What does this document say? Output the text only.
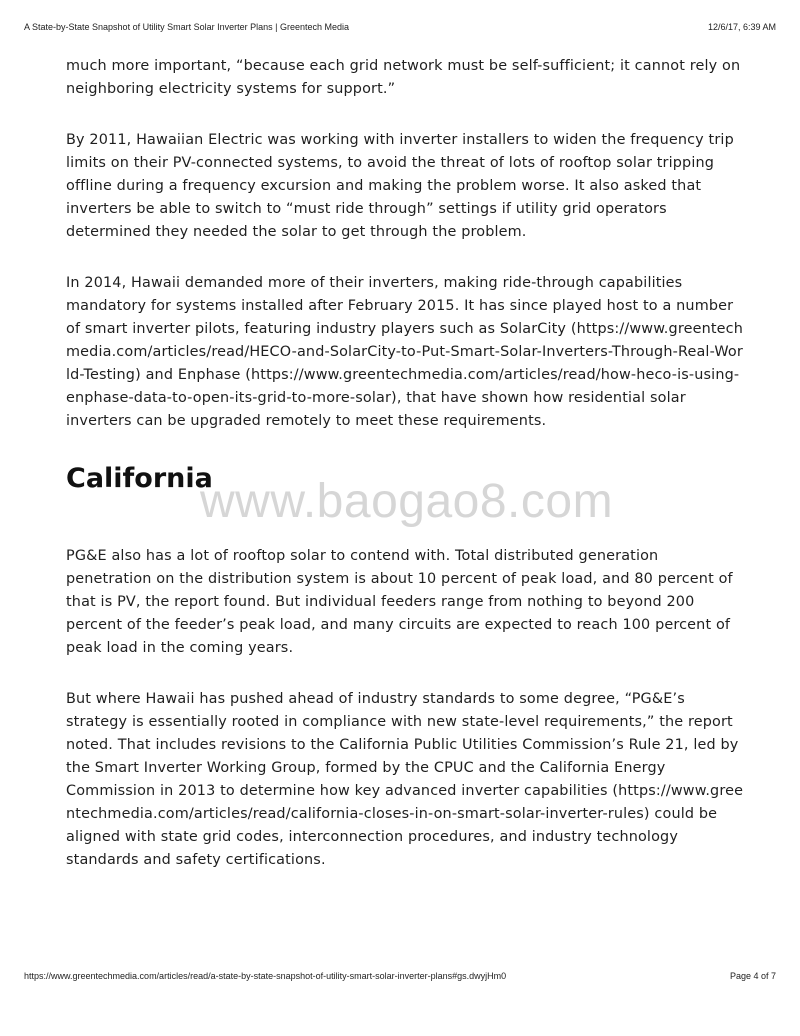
A State-by-State Snapshot of Utility Smart Solar Inverter Plans | Greentech Media	12/6/17, 6:39 AM

much more important, “because each grid network must be self-sufficient; it cannot rely on neighboring electricity systems for support.”

By 2011, Hawaiian Electric was working with inverter installers to widen the frequency trip limits on their PV-connected systems, to avoid the threat of lots of rooftop solar tripping offline during a frequency excursion and making the problem worse. It also asked that inverters be able to switch to “must ride through” settings if utility grid operators determined they needed the solar to get through the problem.

In 2014, Hawaii demanded more of their inverters, making ride-through capabilities mandatory for systems installed after February 2015. It has since played host to a number of smart inverter pilots, featuring industry players such as SolarCity (https://www.greentechmedia.com/articles/read/HECO-and-SolarCity-to-Put-Smart-Solar-Inverters-Through-Real-World-Testing) and Enphase (https://www.greentechmedia.com/articles/read/how-heco-is-using-enphase-data-to-open-its-grid-to-more-solar), that have shown how residential solar inverters can be upgraded remotely to meet these requirements.

California

PG&E also has a lot of rooftop solar to contend with. Total distributed generation penetration on the distribution system is about 10 percent of peak load, and 80 percent of that is PV, the report found. But individual feeders range from nothing to beyond 200 percent of the feeder’s peak load, and many circuits are expected to reach 100 percent of peak load in the coming years.

But where Hawaii has pushed ahead of industry standards to some degree, “PG&E’s strategy is essentially rooted in compliance with new state-level requirements,” the report noted. That includes revisions to the California Public Utilities Commission’s Rule 21, led by the Smart Inverter Working Group, formed by the CPUC and the California Energy Commission in 2013 to determine how key advanced inverter capabilities (https://www.greentechmedia.com/articles/read/california-closes-in-on-smart-solar-inverter-rules) could be aligned with state grid codes, interconnection procedures, and industry technology standards and safety certifications.

www.baogao8.com
https://www.greentechmedia.com/articles/read/a-state-by-state-snapshot-of-utility-smart-solar-inverter-plans#gs.dwyjHm0	Page 4 of 7
